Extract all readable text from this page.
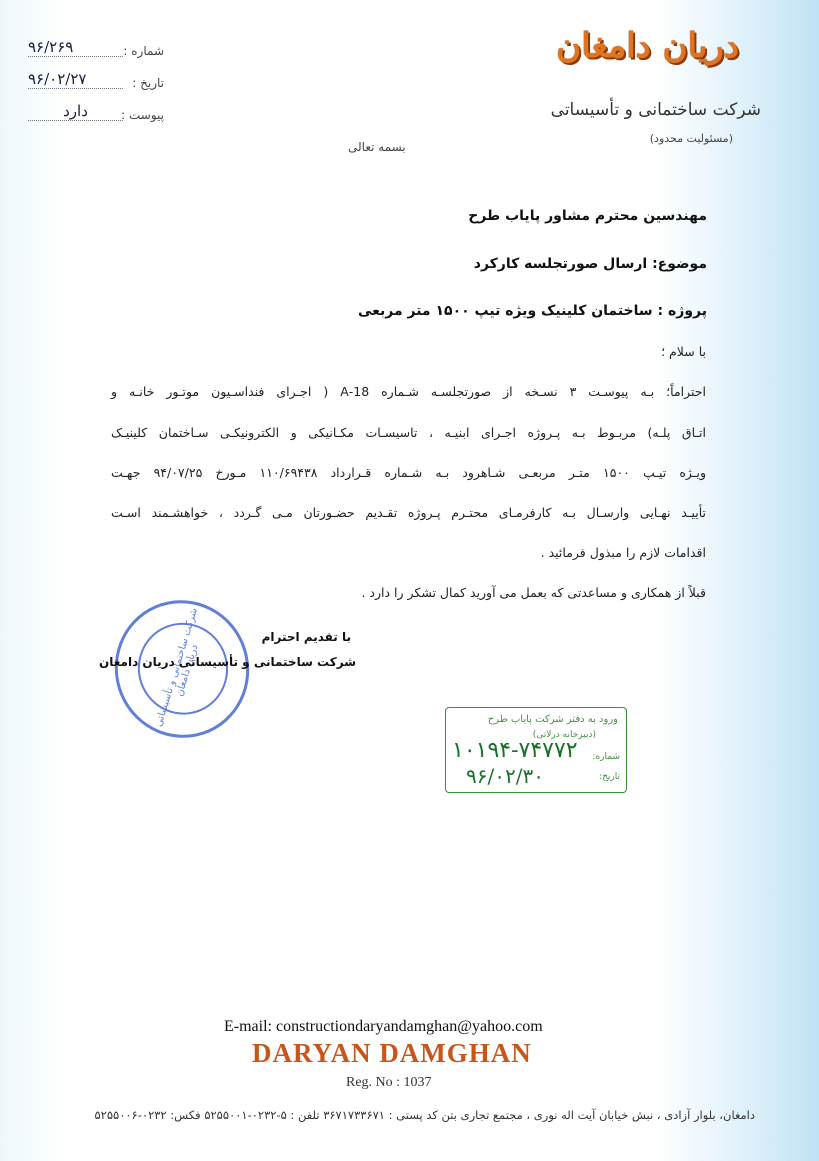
دریان دامغان
شرکت ساختمانی و تأسیساتی
(مسئولیت محدود)
شماره :
۹۶/۲۶۹
تاریخ :
۹۶/۰۲/۲۷
پیوست :
دارد
بسمه تعالی
مهندسین محترم مشاور پایاب طرح
موضوع: ارسال صورتجلسه کارکرد
پروژه : ساختمان کلینیک ویژه تیپ ۱۵۰۰ متر مربعی
با سلام ؛
احتراماً؛ بـه پیوسـت ۳ نسـخه از صورتجلسـه شـماره 18-A ( اجـرای فنداسـیون موتـور خانـه و
اتـاق پلـه) مربـوط بـه پـروژه اجـرای ابنیـه ، تاسیسـات مکـانیکی و الکترونیکـی سـاختمان کلینیـک
ویـژه تیـپ ۱۵۰۰ متـر مربعـی شـاهرود بـه شـماره قـرارداد ۱۱۰/۶۹۴۳۸ مـورخ ۹۴/۰۷/۲۵ جهـت
تأییـد نهـایی وارسـال بـه کارفرمـای محتـرم پـروژه تقـدیم حضـورتان مـی گـردد ، خواهشـمند اسـت
اقدامات لازم را مبذول فرمائید .
قبلاً از همکاری و مساعدتی که بعمل می آورید کمال تشکر را دارد .
شرکت ساختمانی و تأسیساتی دریان دامغان
با تقدیم احترام
شرکت ساختمانی و تأسیساتی دریان دامغان
ورود به دفتر شرکت پایاب طرح
(دبیرخانه درلاتی)
شماره:
۱۰۱۹۴-۷۴۷۷۲
تاریخ:
۹۶/۰۲/۳۰
E-mail: constructiondaryandamghan@yahoo.com
DARYAN DAMGHAN
Reg. No : 1037
دامغان، بلوار آزادی ، نبش خیابان آیت اله نوری ، مجتمع تجاری بتن کد پستی : ۳۶۷۱۷۳۳۶۷۱ تلفن : ۵-۰۲۳۲-۵۲۵۵۰۰۱ فکس: ۰۲۳۲-۵۲۵۵۰۰۶
